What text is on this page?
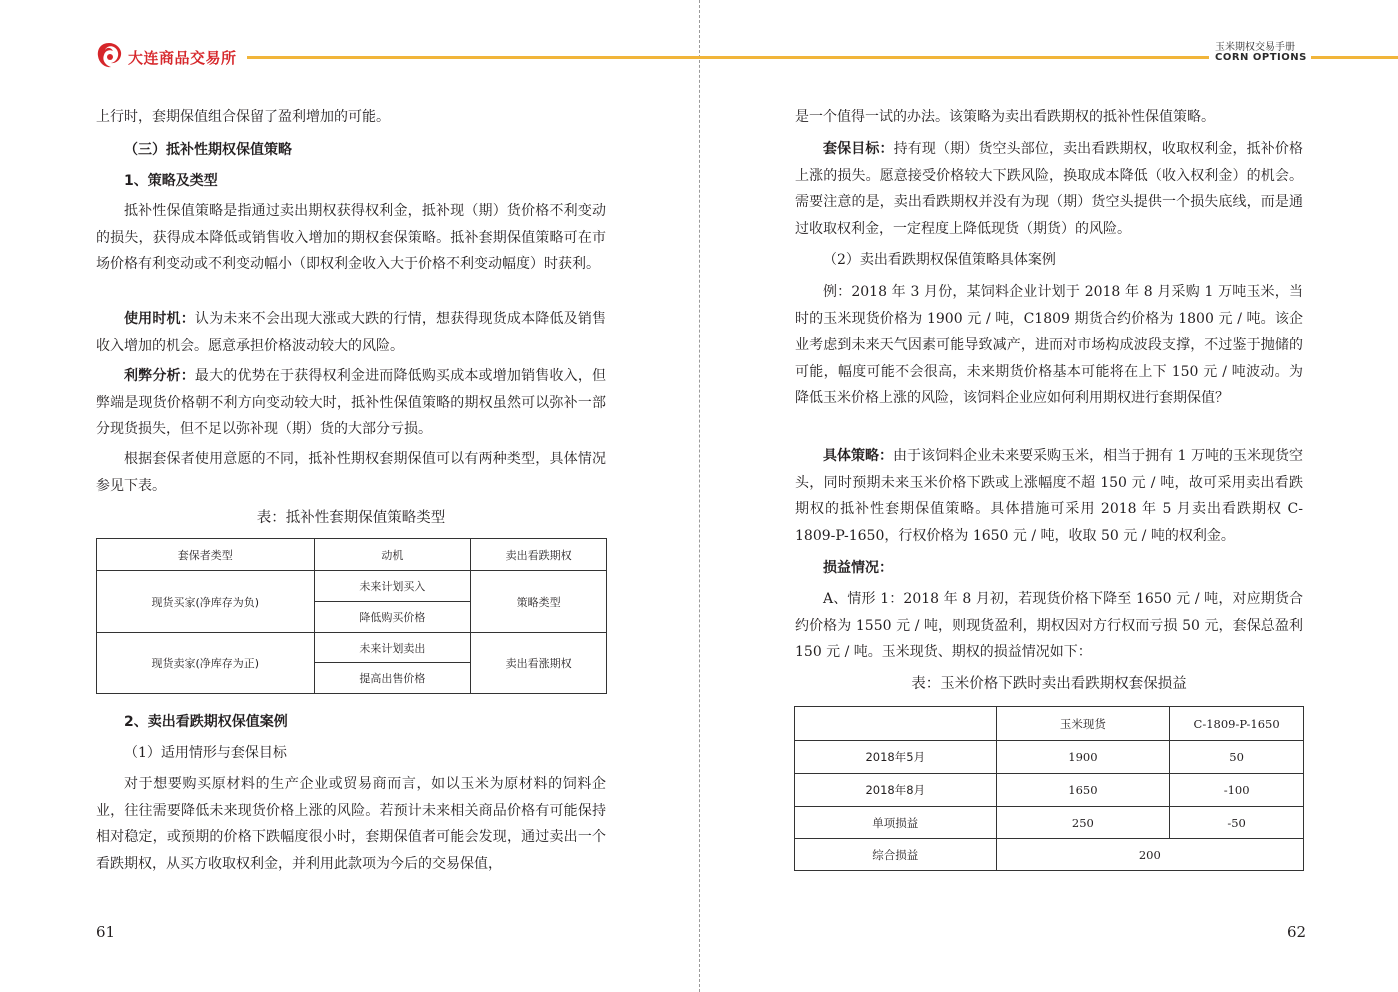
大连商品交易所
上行时，套期保值组合保留了盈利增加的可能。
（三）抵补性期权保值策略
1、策略及类型
抵补性保值策略是指通过卖出期权获得权利金，抵补现（期）货价格不利变动的损失，获得成本降低或销售收入增加的期权套保策略。抵补套期保值策略可在市场价格有利变动或不利变动幅小（即权利金收入大于价格不利变动幅度）时获利。
使用时机：认为未来不会出现大涨或大跌的行情，想获得现货成本降低及销售收入增加的机会。愿意承担价格波动较大的风险。
利弊分析：最大的优势在于获得权利金进而降低购买成本或增加销售收入，但弊端是现货价格朝不利方向变动较大时，抵补性保值策略的期权虽然可以弥补一部分现货损失，但不足以弥补现（期）货的大部分亏损。
根据套保者使用意愿的不同，抵补性期权套期保值可以有两种类型，具体情况参见下表。
表：抵补性套期保值策略类型
套保者类型	动机	卖出看跌期权
现货买家(净库存为负)	未来计划买入	策略类型
	降低购买价格	
现货卖家(净库存为正)	未来计划卖出	卖出看涨期权
	提高出售价格	
2、卖出看跌期权保值案例
（1）适用情形与套保目标
对于想要购买原材料的生产企业或贸易商而言，如以玉米为原材料的饲料企业，往往需要降低未来现货价格上涨的风险。若预计未来相关商品价格有可能保持相对稳定，或预期的价格下跌幅度很小时，套期保值者可能会发现，通过卖出一个看跌期权，从买方收取权利金，并利用此款项为今后的交易保值，
61
玉米期权交易手册
CORN OPTIONS
是一个值得一试的办法。该策略为卖出看跌期权的抵补性保值策略。
套保目标：持有现（期）货空头部位，卖出看跌期权，收取权利金，抵补价格上涨的损失。愿意接受价格较大下跌风险，换取成本降低（收入权利金）的机会。需要注意的是，卖出看跌期权并没有为现（期）货空头提供一个损失底线，而是通过收取权利金，一定程度上降低现货（期货）的风险。
（2）卖出看跌期权保值策略具体案例
例：2018 年 3 月份，某饲料企业计划于 2018 年 8 月采购 1 万吨玉米，当时的玉米现货价格为 1900 元 / 吨，C1809 期货合约价格为 1800 元 / 吨。该企业考虑到未来天气因素可能导致减产，进而对市场构成波段支撑，不过鉴于抛储的可能，幅度可能不会很高，未来期货价格基本可能将在上下 150 元 / 吨波动。为降低玉米价格上涨的风险，该饲料企业应如何利用期权进行套期保值？
具体策略：由于该饲料企业未来要采购玉米，相当于拥有 1 万吨的玉米现货空头，同时预期未来玉米价格下跌或上涨幅度不超 150 元 / 吨，故可采用卖出看跌期权的抵补性套期保值策略。具体措施可采用 2018 年 5 月卖出看跌期权 C-1809-P-1650，行权价格为 1650 元 / 吨，收取 50 元 / 吨的权利金。
损益情况：
A、情形 1：2018 年 8 月初，若现货价格下降至 1650 元 / 吨，对应期货合约价格为 1550 元 / 吨，则现货盈利，期权因对方行权而亏损 50 元，套保总盈利 150 元 / 吨。玉米现货、期权的损益情况如下：
表：玉米价格下跌时卖出看跌期权套保损益
	玉米现货	C-1809-P-1650
2018年5月	1900	50
2018年8月	1650	-100
单项损益	250	-50
综合损益	200	
62
